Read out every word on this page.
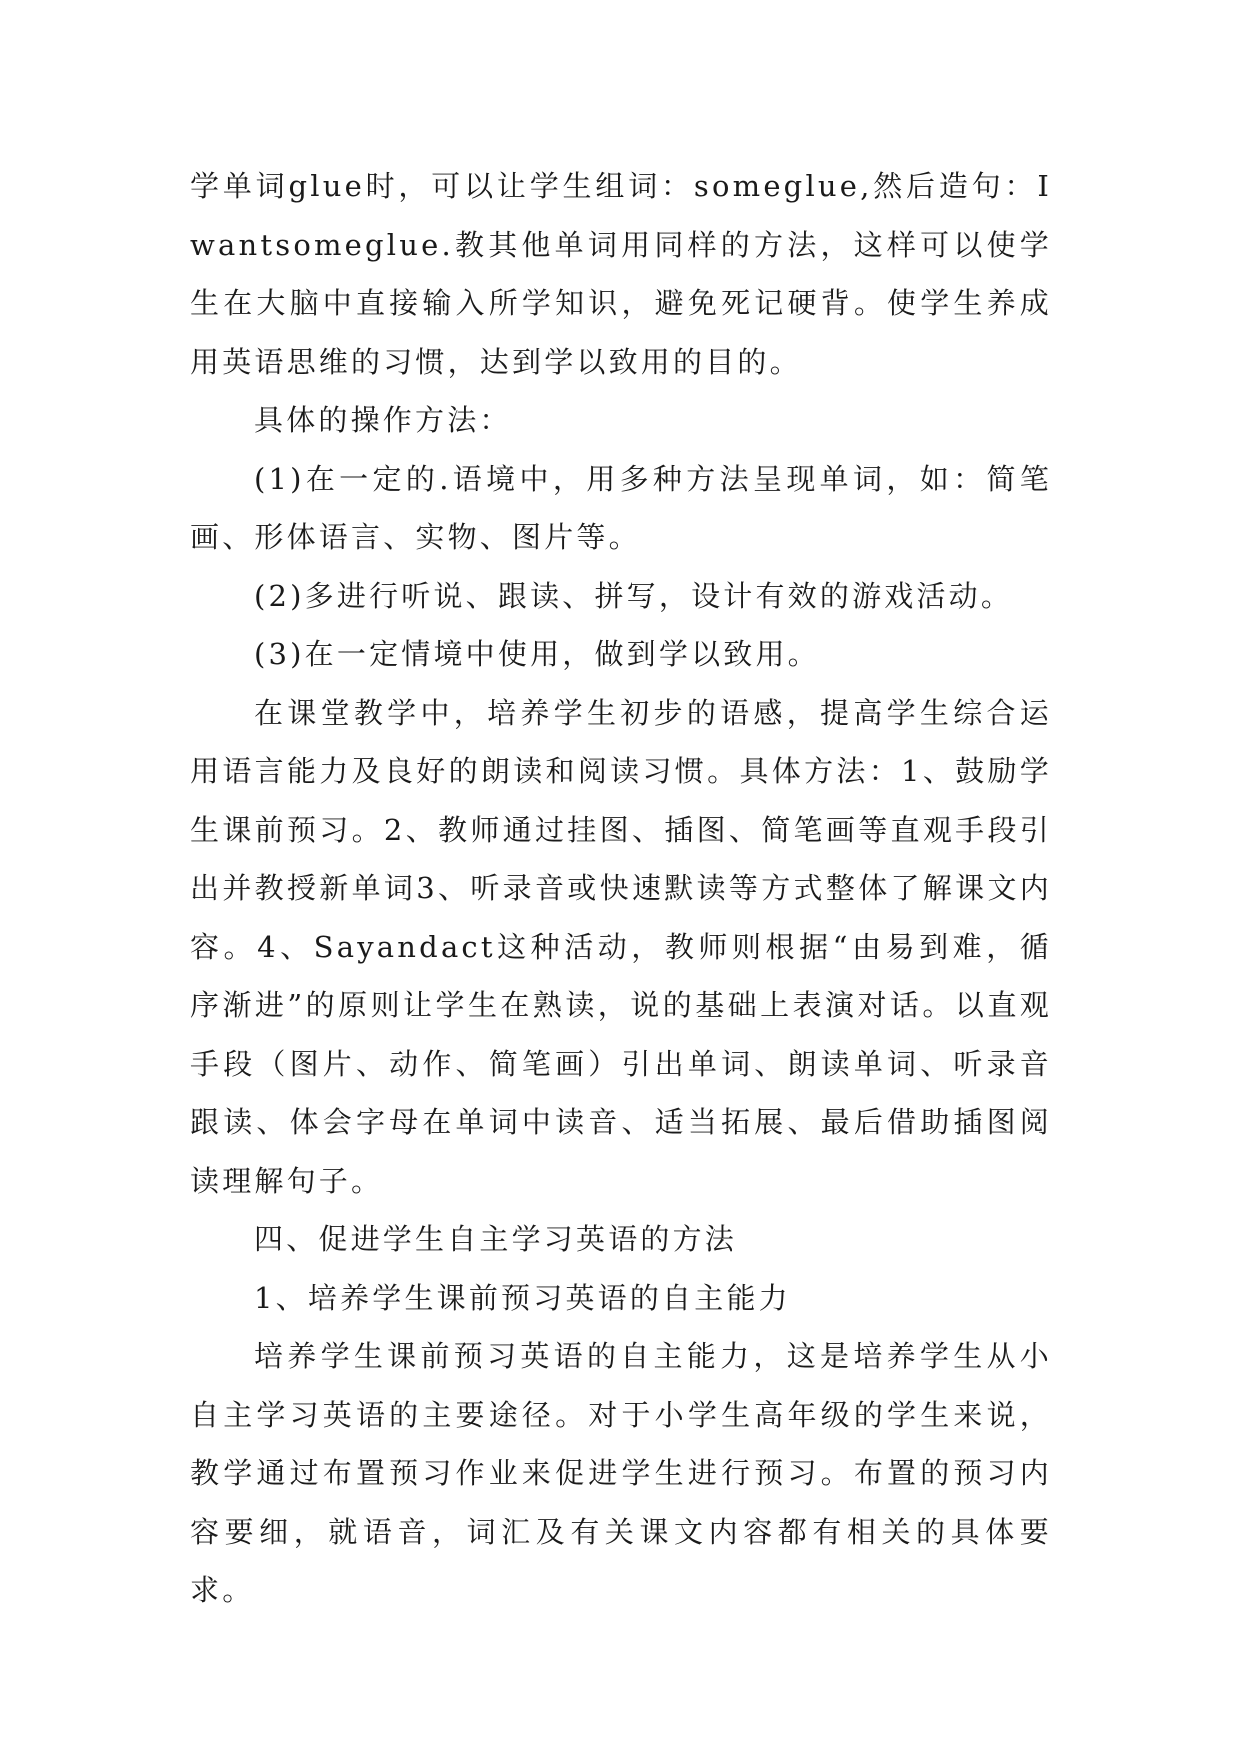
学单词glue时，可以让学生组词：someglue,然后造句：Iwantsomeglue.教其他单词用同样的方法，这样可以使学生在大脑中直接输入所学知识，避免死记硬背。使学生养成用英语思维的习惯，达到学以致用的目的。

具体的操作方法：

(1)在一定的.语境中，用多种方法呈现单词，如：简笔画、形体语言、实物、图片等。

(2)多进行听说、跟读、拼写，设计有效的游戏活动。

(3)在一定情境中使用，做到学以致用。

在课堂教学中，培养学生初步的语感，提高学生综合运用语言能力及良好的朗读和阅读习惯。具体方法：1、鼓励学生课前预习。2、教师通过挂图、插图、简笔画等直观手段引出并教授新单词3、听录音或快速默读等方式整体了解课文内容。4、Sayandact这种活动，教师则根据“由易到难，循序渐进”的原则让学生在熟读，说的基础上表演对话。以直观手段（图片、动作、简笔画）引出单词、朗读单词、听录音跟读、体会字母在单词中读音、适当拓展、最后借助插图阅读理解句子。

四、促进学生自主学习英语的方法

1、培养学生课前预习英语的自主能力

培养学生课前预习英语的自主能力，这是培养学生从小自主学习英语的主要途径。对于小学生高年级的学生来说，教学通过布置预习作业来促进学生进行预习。布置的预习内容要细，就语音，词汇及有关课文内容都有相关的具体要求。
